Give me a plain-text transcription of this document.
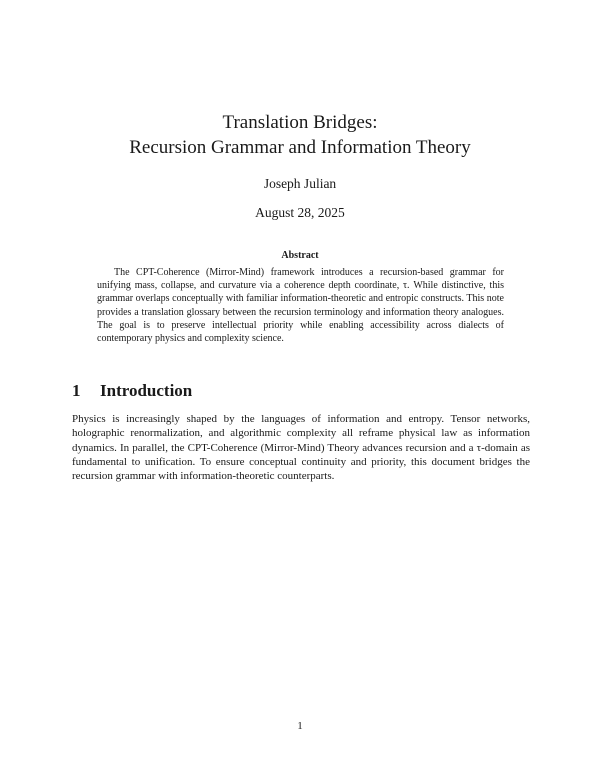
Translation Bridges:
Recursion Grammar and Information Theory
Joseph Julian
August 28, 2025
Abstract

The CPT-Coherence (Mirror-Mind) framework introduces a recursion-based grammar for unifying mass, collapse, and curvature via a coherence depth coordinate, τ. While distinctive, this grammar overlaps conceptually with familiar information-theoretic and entropic constructs. This note provides a translation glossary between the recursion terminology and information theory analogues. The goal is to preserve intellectual priority while enabling accessibility across dialects of contemporary physics and complexity science.

1 Introduction

Physics is increasingly shaped by the languages of information and entropy. Tensor networks, holographic renormalization, and algorithmic complexity all reframe physical law as information dynamics. In parallel, the CPT-Coherence (Mirror-Mind) Theory advances recursion and a τ-domain as fundamental to unification. To ensure conceptual continuity and priority, this document bridges the recursion grammar with information-theoretic counterparts.

1
